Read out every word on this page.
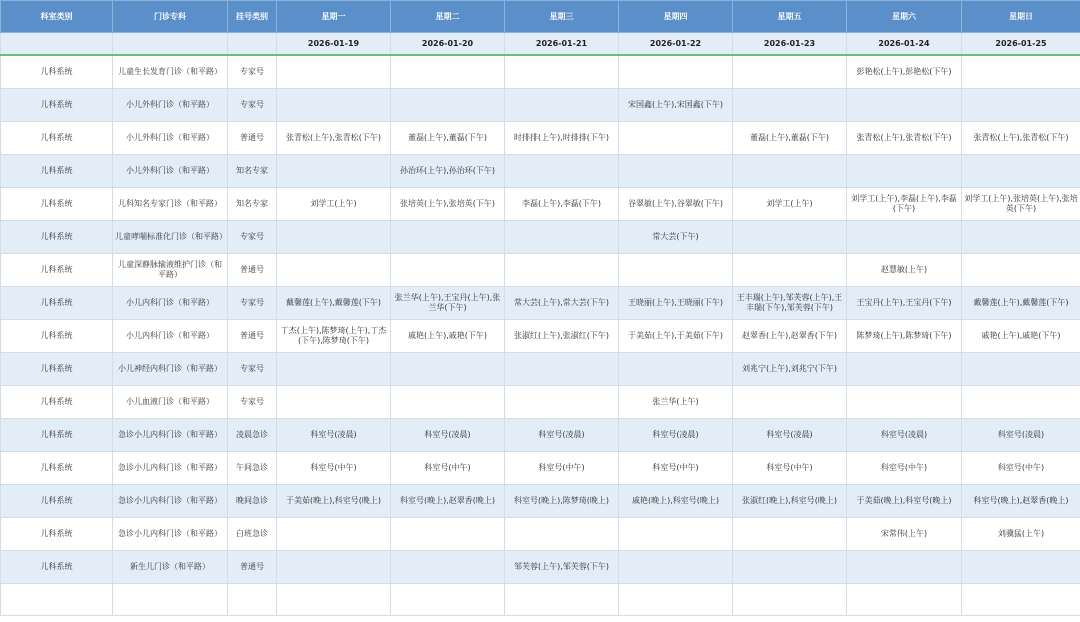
科室类别	门诊专科	挂号类别	星期一	星期二	星期三	星期四	星期五	星期六	星期日
			2026-01-19	2026-01-20	2026-01-21	2026-01-22	2026-01-23	2026-01-24	2026-01-25
儿科系统	儿童生长发育门诊（和平路）	专家号						彭艳松(上午),彭艳松(下午)	
儿科系统	小儿外科门诊（和平路）	专家号				宋国鑫(上午),宋国鑫(下午)			
儿科系统	小儿外科门诊（和平路）	普通号	张青松(上午),张青松(下午)	董磊(上午),董磊(下午)	时排排(上午),时排排(下午)		董磊(上午),董磊(下午)	张青松(上午),张青松(下午)	张青松(上午),张青松(下午)
儿科系统	小儿外科门诊（和平路）	知名专家		孙治环(上午),孙治环(下午)					
儿科系统	儿科知名专家门诊（和平路）	知名专家	刘学工(上午)	张培英(上午),张培英(下午)	李磊(上午),李磊(下午)	谷翠敏(上午),谷翠敏(下午)	刘学工(上午)	刘学工(上午),李磊(上午),李磊(下午)	刘学工(上午),张培英(上午),张培英(下午)
儿科系统	儿童哮喘标准化门诊（和平路）	专家号				常大芸(下午)			
儿科系统	儿童深静脉输液维护门诊（和平路）	普通号						赵慧敏(上午)	
儿科系统	小儿内科门诊（和平路）	专家号	戴馨莲(上午),戴馨莲(下午)	张兰华(上午),王宝丹(上午),张兰华(下午)	常大芸(上午),常大芸(下午)	王晓丽(上午),王晓丽(下午)	王丰瑞(上午),邹芙蓉(上午),王丰瑞(下午),邹芙蓉(下午)	王宝丹(上午),王宝丹(下午)	戴馨莲(上午),戴馨莲(下午)
儿科系统	小儿内科门诊（和平路）	普通号	丁杰(上午),陈梦琦(上午),丁杰(下午),陈梦琦(下午)	戚艳(上午),戚艳(下午)	张淑红(上午),张淑红(下午)	于美茹(上午),于美茹(下午)	赵翠香(上午),赵翠香(下午)	陈梦琦(上午),陈梦琦(下午)	戚艳(上午),戚艳(下午)
儿科系统	小儿神经内科门诊（和平路）	专家号					刘兆宁(上午),刘兆宁(下午)		
儿科系统	小儿血液门诊（和平路）	专家号				张兰华(上午)			
儿科系统	急诊小儿内科门诊（和平路）	凌晨急诊	科室号(凌晨)	科室号(凌晨)	科室号(凌晨)	科室号(凌晨)	科室号(凌晨)	科室号(凌晨)	科室号(凌晨)
儿科系统	急诊小儿内科门诊（和平路）	午间急诊	科室号(中午)	科室号(中午)	科室号(中午)	科室号(中午)	科室号(中午)	科室号(中午)	科室号(中午)
儿科系统	急诊小儿内科门诊（和平路）	晚间急诊	于美茹(晚上),科室号(晚上)	科室号(晚上),赵翠香(晚上)	科室号(晚上),陈梦琦(晚上)	戚艳(晚上),科室号(晚上)	张淑红(晚上),科室号(晚上)	于美茹(晚上),科室号(晚上)	科室号(晚上),赵翠香(晚上)
儿科系统	急诊小儿内科门诊（和平路）	白班急诊						宋常伟(上午)	刘骥猛(上午)
儿科系统	新生儿门诊（和平路）	普通号			邹芙蓉(上午),邹芙蓉(下午)				
